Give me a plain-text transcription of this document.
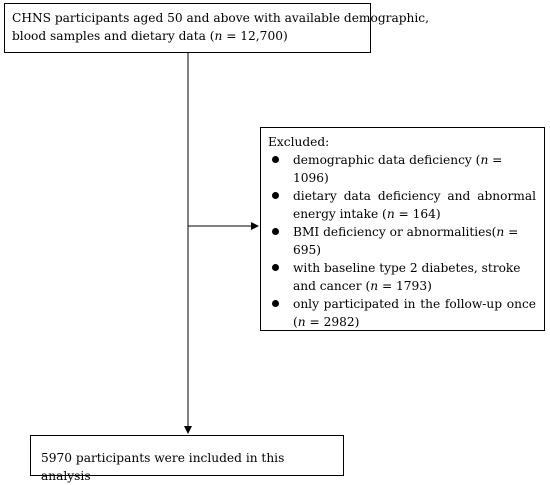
CHNS participants aged 50 and above with available demographic,
blood samples and dietary data (n = 12,700)
Excluded:
demographic data deficiency (n = 1096)
dietary data deficiency and abnormal energy intake (n = 164)
BMI deficiency or abnormalities(n = 695)
with baseline type 2 diabetes, stroke and cancer (n = 1793)
only participated in the follow-up once (n = 2982)
5970 participants were included in this analysis
